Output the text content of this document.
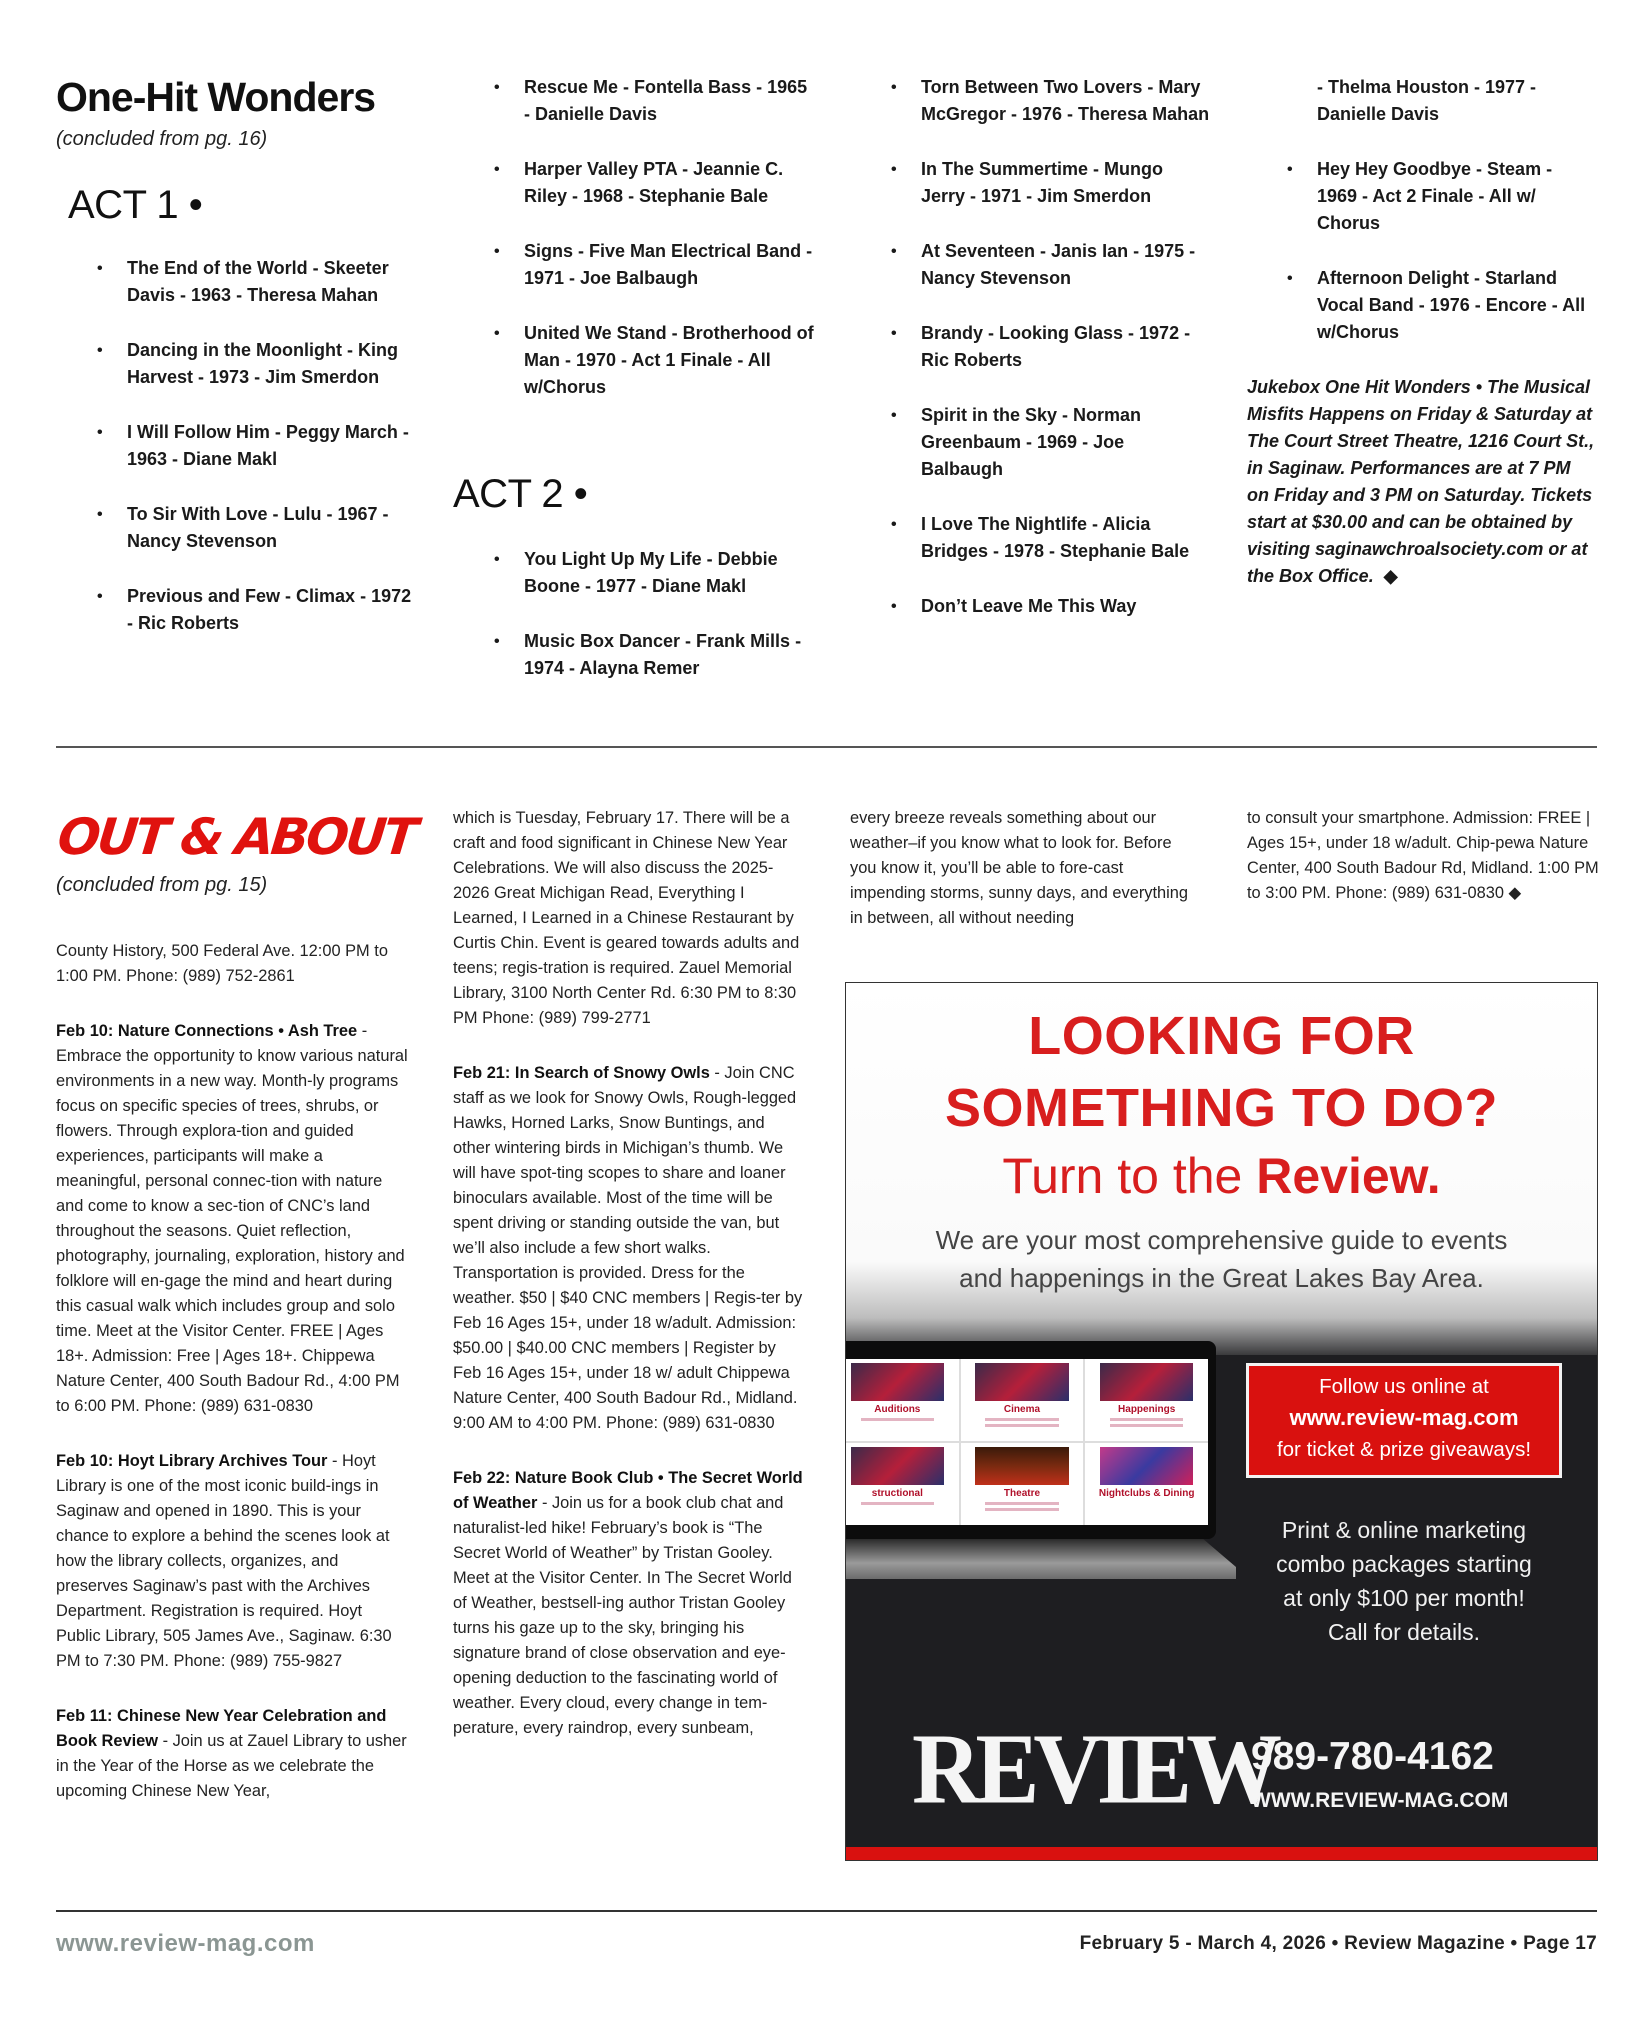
One-Hit Wonders
(concluded from pg. 16)
ACT 1 •
• The End of the World - Skeeter Davis - 1963 - Theresa Mahan
• Dancing in the Moonlight - King Harvest - 1973 - Jim Smerdon
• I Will Follow Him - Peggy March - 1963 - Diane Makl
• To Sir With Love - Lulu - 1967 - Nancy Stevenson
• Previous and Few - Climax - 1972 - Ric Roberts
• Rescue Me - Fontella Bass - 1965 - Danielle Davis
• Harper Valley PTA - Jeannie C. Riley - 1968 - Stephanie Bale
• Signs - Five Man Electrical Band - 1971 - Joe Balbaugh
• United We Stand - Brotherhood of Man - 1970 - Act 1 Finale - All w/Chorus
ACT 2 •
• You Light Up My Life - Debbie Boone - 1977 - Diane Makl
• Music Box Dancer - Frank Mills - 1974 - Alayna Remer
• Torn Between Two Lovers - Mary McGregor - 1976 - Theresa Mahan
• In The Summertime - Mungo Jerry - 1971 - Jim Smerdon
• At Seventeen - Janis Ian - 1975 - Nancy Stevenson
• Brandy - Looking Glass - 1972 - Ric Roberts
• Spirit in the Sky - Norman Greenbaum - 1969 - Joe Balbaugh
• I Love The Nightlife - Alicia Bridges - 1978 - Stephanie Bale
• Don’t Leave Me This Way
- Thelma Houston - 1977 - Danielle Davis
• Hey Hey Goodbye - Steam - 1969 - Act 2 Finale - All w/ Chorus
• Afternoon Delight - Starland Vocal Band - 1976 - Encore - All w/Chorus
Jukebox One Hit Wonders • The Musical Misfits Happens on Friday & Saturday at The Court Street Theatre, 1216 Court St., in Saginaw. Performances are at 7 PM on Friday and 3 PM on Saturday. Tickets start at $30.00 and can be obtained by visiting saginawchroalsociety.com or at the Box Office. ◆
OUT & ABOUT
(concluded from pg. 15)

County History, 500 Federal Ave. 12:00 PM to 1:00 PM. Phone: (989) 752-2861

Feb 10: Nature Connections • Ash Tree - Embrace the opportunity to know various natural environments in a new way. Month-ly programs focus on specific species of trees, shrubs, or flowers. Through explora-tion and guided experiences, participants will make a meaningful, personal connec-tion with nature and come to know a sec-tion of CNC’s land throughout the seasons. Quiet reflection, photography, journaling, exploration, history and folklore will en-gage the mind and heart during this casual walk which includes group and solo time. Meet at the Visitor Center. FREE | Ages 18+. Admission: Free | Ages 18+. Chippewa Nature Center, 400 South Badour Rd., 4:00 PM to 6:00 PM. Phone: (989) 631-0830

Feb 10: Hoyt Library Archives Tour - Hoyt Library is one of the most iconic build-ings in Saginaw and opened in 1890. This is your chance to explore a behind the scenes look at how the library collects, organizes, and preserves Saginaw’s past with the Archives Department. Registration is required. Hoyt Public Library, 505 James Ave., Saginaw. 6:30 PM to 7:30 PM. Phone: (989) 755-9827

Feb 11: Chinese New Year Celebration and Book Review - Join us at Zauel Library to usher in the Year of the Horse as we celebrate the upcoming Chinese New Year,

which is Tuesday, February 17. There will be a craft and food significant in Chinese New Year Celebrations. We will also discuss the 2025-2026 Great Michigan Read, Everything I Learned, I Learned in a Chinese Restaurant by Curtis Chin. Event is geared towards adults and teens; regis-tration is required. Zauel Memorial Library, 3100 North Center Rd. 6:30 PM to 8:30 PM Phone: (989) 799-2771

Feb 21: In Search of Snowy Owls - Join CNC staff as we look for Snowy Owls, Rough-legged Hawks, Horned Larks, Snow Buntings, and other wintering birds in Michigan’s thumb. We will have spot-ting scopes to share and loaner binoculars available. Most of the time will be spent driving or standing outside the van, but we’ll also include a few short walks. Transportation is provided. Dress for the weather. $50 | $40 CNC members | Regis-ter by Feb 16 Ages 15+, under 18 w/adult. Admission: $50.00 | $40.00 CNC members | Register by Feb 16 Ages 15+, under 18 w/ adult Chippewa Nature Center, 400 South Badour Rd., Midland. 9:00 AM to 4:00 PM. Phone: (989) 631-0830

Feb 22: Nature Book Club • The Secret World of Weather - Join us for a book club chat and naturalist-led hike! February’s book is “The Secret World of Weather” by Tristan Gooley. Meet at the Visitor Center. In The Secret World of Weather, bestsell-ing author Tristan Gooley turns his gaze up to the sky, bringing his signature brand of close observation and eye-opening deduction to the fascinating world of weather. Every cloud, every change in tem-perature, every raindrop, every sunbeam,

every breeze reveals something about our weather–if you know what to look for. Before you know it, you’ll be able to fore-cast impending storms, sunny days, and everything in between, all without needing

to consult your smartphone. Admission: FREE | Ages 15+, under 18 w/adult. Chip-pewa Nature Center, 400 South Badour Rd, Midland. 1:00 PM to 3:00 PM. Phone: (989) 631-0830 ◆

LOOKING FOR
SOMETHING TO DO?
Turn to the Review.
We are your most comprehensive guide to events
and happenings in the Great Lakes Bay Area.
Auditions	Cinema	Happenings
structional	Theatre	Nightclubs & Dining
Follow us online at
www.review-mag.com
for ticket & prize giveaways!
Print & online marketing
combo packages starting
at only $100 per month!
Call for details.
REVIEW
989-780-4162
WWW.REVIEW-MAG.COM
www.review-mag.com	February 5 - March 4, 2026 • Review Magazine • Page 17
